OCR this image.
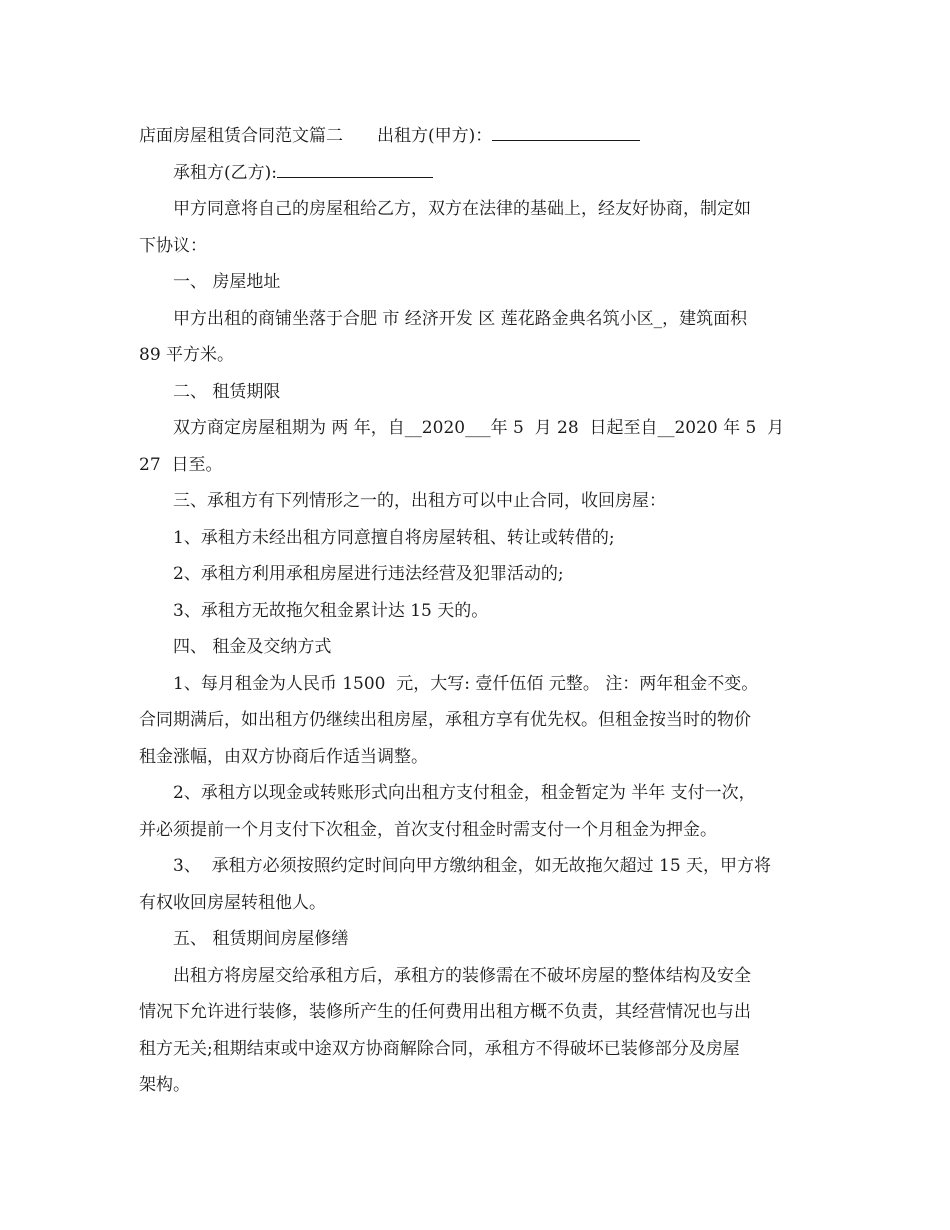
店面房屋租赁合同范文篇二 出租方(甲方)：
承租方(乙方):
甲方同意将自己的房屋租给乙方，双方在法律的基础上，经友好协商，制定如
下协议：
一、 房屋地址
甲方出租的商铺坐落于合肥 市 经济开发 区 莲花路金典名筑小区_，建筑面积
89 平方米。
二、 租赁期限
双方商定房屋租期为 两 年，自__2020___年 5  月 28  日起至自__2020 年 5  月
27  日至。
三、承租方有下列情形之一的，出租方可以中止合同，收回房屋：
1、承租方未经出租方同意擅自将房屋转租、转让或转借的;
2、承租方利用承租房屋进行违法经营及犯罪活动的;
3、承租方无故拖欠租金累计达 15 天的。
四、 租金及交纳方式
1、每月租金为人民币 1500  元，大写: 壹仟伍佰 元整。 注：两年租金不变。
合同期满后，如出租方仍继续出租房屋，承租方享有优先权。但租金按当时的物价
租金涨幅，由双方协商后作适当调整。
2、承租方以现金或转账形式向出租方支付租金，租金暂定为 半年 支付一次，
并必须提前一个月支付下次租金，首次支付租金时需支付一个月租金为押金。
3、  承租方必须按照约定时间向甲方缴纳租金，如无故拖欠超过 15 天，甲方将
有权收回房屋转租他人。
五、 租赁期间房屋修缮
出租方将房屋交给承租方后，承租方的装修需在不破坏房屋的整体结构及安全
情况下允许进行装修，装修所产生的任何费用出租方概不负责，其经营情况也与出
租方无关;租期结束或中途双方协商解除合同，承租方不得破坏已装修部分及房屋
架构。
